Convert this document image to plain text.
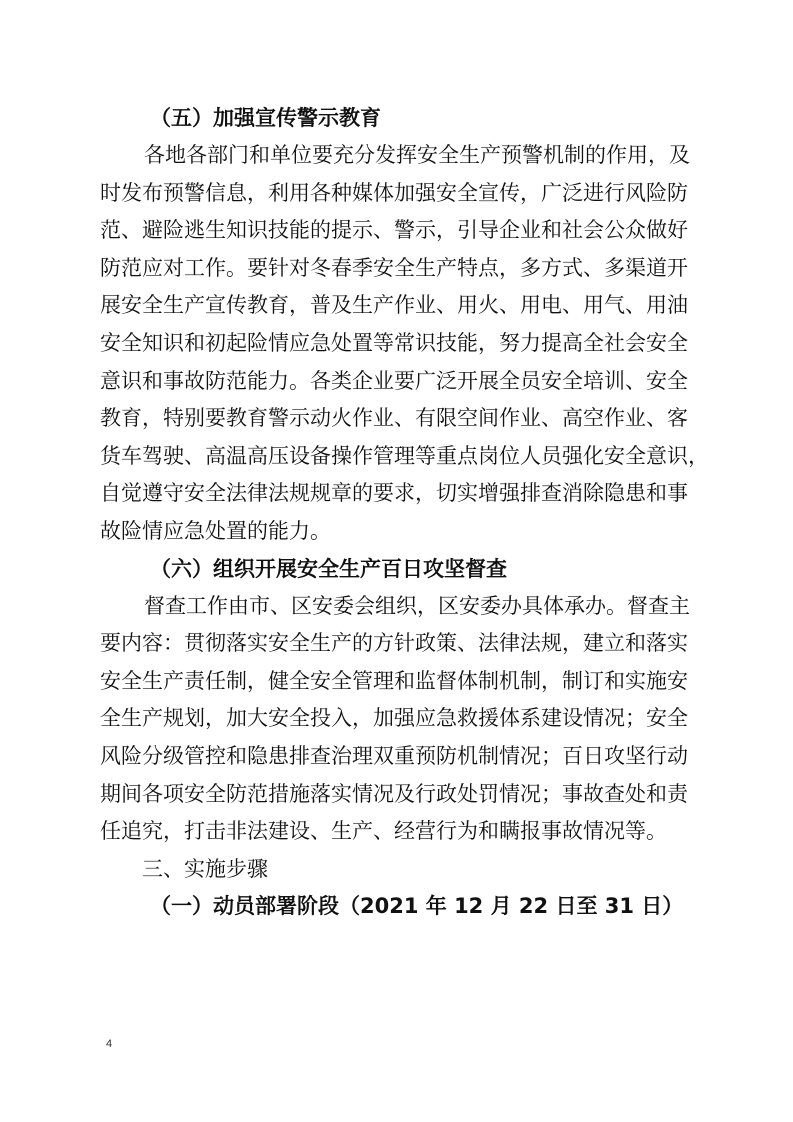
（五）加强宣传警示教育
各地各部门和单位要充分发挥安全生产预警机制的作用，及
时发布预警信息，利用各种媒体加强安全宣传，广泛进行风险防
范、避险逃生知识技能的提示、警示，引导企业和社会公众做好
防范应对工作。要针对冬春季安全生产特点，多方式、多渠道开
展安全生产宣传教育，普及生产作业、用火、用电、用气、用油
安全知识和初起险情应急处置等常识技能，努力提高全社会安全
意识和事故防范能力。各类企业要广泛开展全员安全培训、安全
教育，特别要教育警示动火作业、有限空间作业、高空作业、客
货车驾驶、高温高压设备操作管理等重点岗位人员强化安全意识，
自觉遵守安全法律法规规章的要求，切实增强排查消除隐患和事
故险情应急处置的能力。
（六）组织开展安全生产百日攻坚督查
督查工作由市、区安委会组织，区安委办具体承办。督查主
要内容：贯彻落实安全生产的方针政策、法律法规，建立和落实
安全生产责任制，健全安全管理和监督体制机制，制订和实施安
全生产规划，加大安全投入，加强应急救援体系建设情况；安全
风险分级管控和隐患排查治理双重预防机制情况；百日攻坚行动
期间各项安全防范措施落实情况及行政处罚情况；事故查处和责
任追究，打击非法建设、生产、经营行为和瞒报事故情况等。
三、实施步骤
（一）动员部署阶段（2021 年 12 月 22 日至 31 日）
4
